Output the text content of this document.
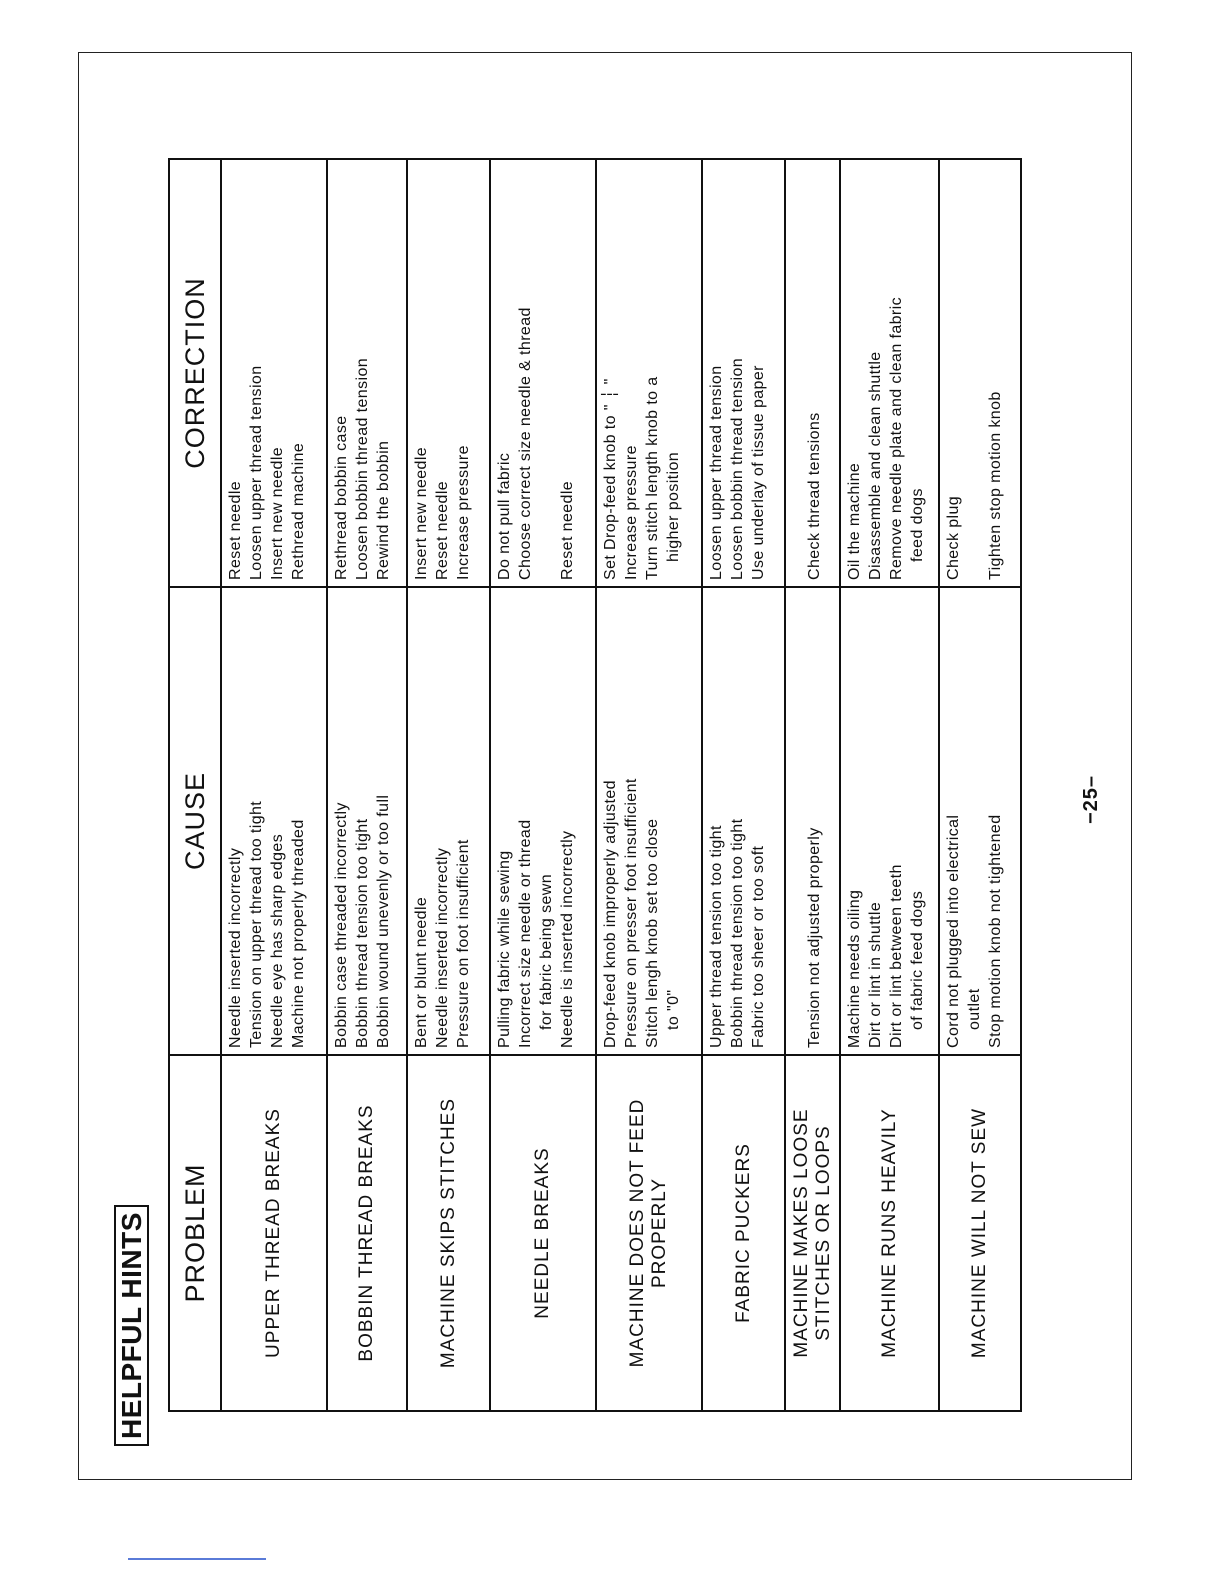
HELPFUL HINTS	PROBLEM
CAUSE
CORRECTION
UPPER THREAD BREAKS
Needle inserted incorrectly Tension on upper thread too tight Needle eye has sharp edges Machine not properly threaded
Reset needle Loosen upper thread tension Insert new needle Rethread machine
BOBBIN THREAD BREAKS
Bobbin case threaded incorrectly Bobbin thread tension too tight Bobbin wound unevenly or too full
Rethread bobbin case Loosen bobbin thread tension Rewind the bobbin
MACHINE SKIPS STITCHES
Bent or blunt needle Needle inserted incorrectly Pressure on foot insufficient
Insert new needle Reset needle Increase pressure
NEEDLE BREAKS
Pulling fabric while sewing Incorrect size needle or thread for fabric being sewn Needle is inserted incorrectly
Do not pull fabric Choose correct size needle & thread
Reset needle
MACHINE DOES NOT FEED PROPERLY
Drop-feed knob improperly adjusted Pressure on presser foot insufficient Stitch lengh knob set too close to "0"
Set Drop-feed knob to " ┆ " Increase pressure Turn stitch length knob to a higher position
FABRIC PUCKERS
Upper thread tension too tight Bobbin thread tension too tight Fabric too sheer or too soft
Loosen upper thread tension Loosen bobbin thread tension Use underlay of tissue paper
MACHINE MAKES LOOSE STITCHES OR LOOPS
Tension not adjusted properly
Check thread tensions
MACHINE RUNS HEAVILY
Machine needs oiling Dirt or lint in shuttle Dirt or lint between teeth of fabric feed dogs
Oil the machine Disassemble and clean shuttle Remove needle plate and clean fabric feed dogs
MACHINE WILL NOT SEW
Cord not plugged into electrical outlet Stop motion knob not tightened
Check plug
Tighten stop motion knob
−25–
